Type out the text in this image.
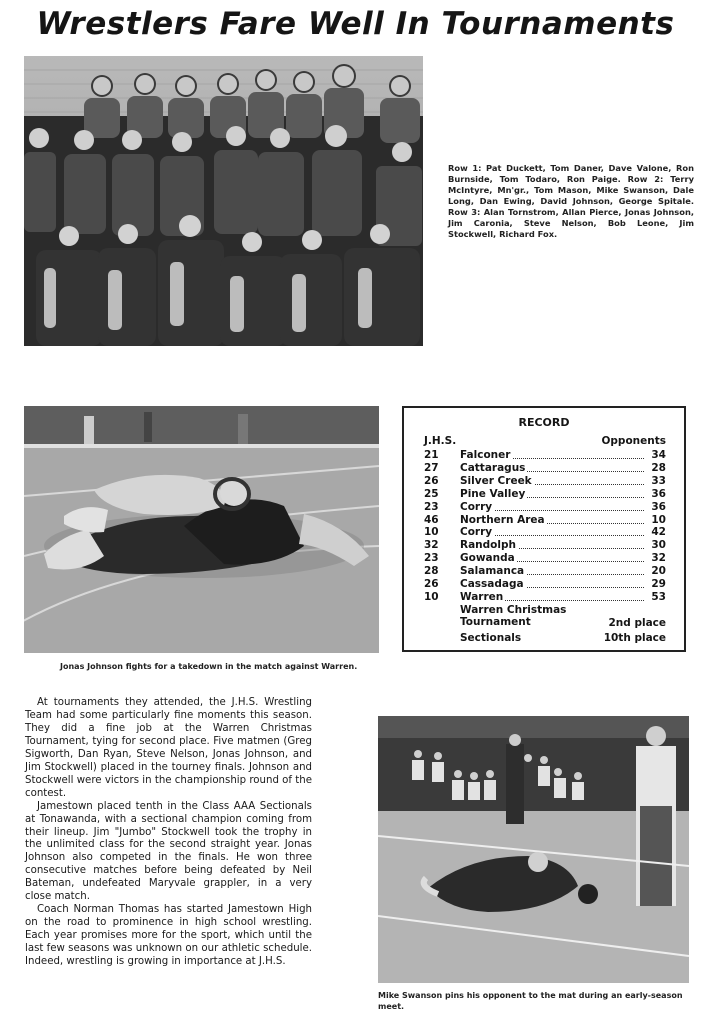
Wrestlers Fare Well In Tournaments
Row 1: Pat Duckett, Tom Daner, Dave Valone, Ron Burnside, Tom Todaro, Ron Paige. Row 2: Terry McIntyre, Mn'gr., Tom Mason, Mike Swanson, Dale Long, Dan Ewing, David Johnson, George Spitale. Row 3: Alan Tornstrom, Allan Pierce, Jonas Johnson, Jim Caronia, Steve Nelson, Bob Leone, Jim Stockwell, Richard Fox.
Jonas Johnson fights for a takedown in the match against Warren.
RECORD
J.H.S.	Opponents
21	Falconer	34
27	Cattaragus	28
26	Silver Creek	33
25	Pine Valley	36
23	Corry	36
46	Northern Area	10
10	Corry	42
32	Randolph	30
23	Gowanda	32
28	Salamanca	20
26	Cassadaga	29
10	Warren	53
Warren Christmas
Tournament	2nd place
Sectionals	10th place

At tournaments they attended, the J.H.S. Wrestling Team had some particularly fine moments this season. They did a fine job at the Warren Christmas Tournament, tying for second place. Five matmen (Greg Sigworth, Dan Ryan, Steve Nelson, Jonas Johnson, and Jim Stockwell) placed in the tourney finals. Johnson and Stockwell were victors in the championship round of the contest.

Jamestown placed tenth in the Class AAA Sectionals at Tonawanda, with a sectional champion coming from their lineup. Jim "Jumbo" Stockwell took the trophy in the unlimited class for the second straight year. Jonas Johnson also competed in the finals. He won three consecutive matches before being defeated by Neil Bateman, undefeated Maryvale grappler, in a very close match.

Coach Norman Thomas has started Jamestown High on the road to prominence in high school wrestling. Each year promises more for the sport, which until the last few seasons was unknown on our athletic schedule. Indeed, wrestling is growing in importance at J.H.S.

Mike Swanson pins his opponent to the mat during an early-season meet.
